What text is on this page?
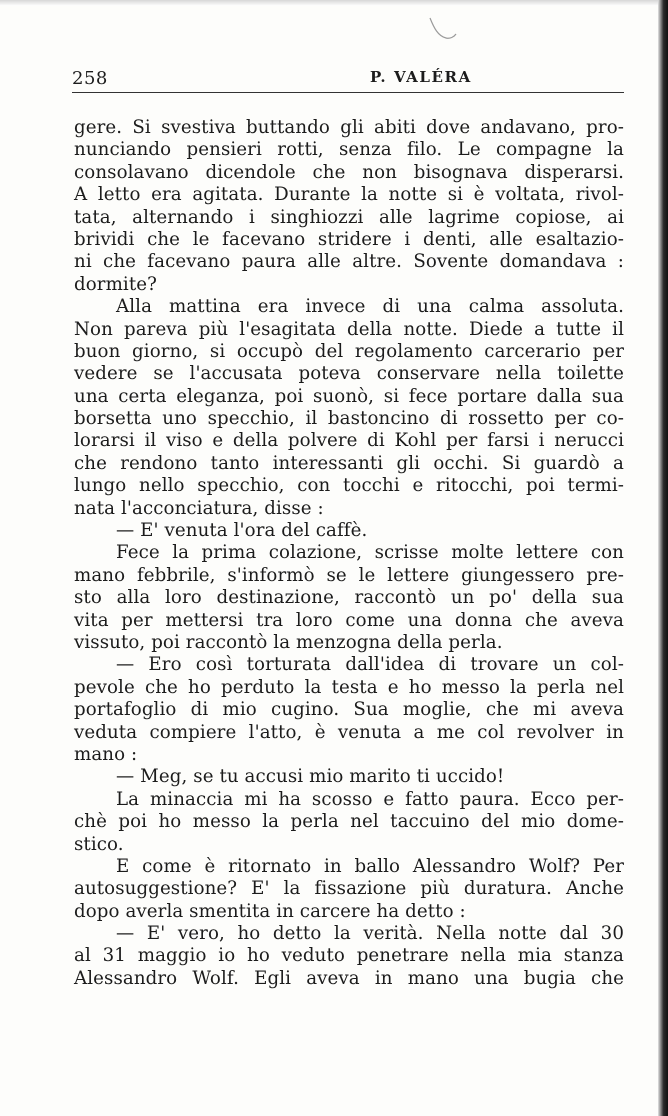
258	P. VALÉRA
gere. Si svestiva buttando gli abiti dove andavano, pro-
nunciando pensieri rotti, senza filo. Le compagne la
consolavano dicendole che non bisognava disperarsi.
A letto era agitata. Durante la notte si è voltata, rivol-
tata, alternando i singhiozzi alle lagrime copiose, ai
brividi che le facevano stridere i denti, alle esaltazio-
ni che facevano paura alle altre. Sovente domandava :
dormite?
Alla mattina era invece di una calma assoluta.
Non pareva più l'esagitata della notte. Diede a tutte il
buon giorno, si occupò del regolamento carcerario per
vedere se l'accusata poteva conservare nella toilette
una certa eleganza, poi suonò, si fece portare dalla sua
borsetta uno specchio, il bastoncino di rossetto per co-
lorarsi il viso e della polvere di Kohl per farsi i nerucci
che rendono tanto interessanti gli occhi. Si guardò a
lungo nello specchio, con tocchi e ritocchi, poi termi-
nata l'acconciatura, disse :
— E' venuta l'ora del caffè.
Fece la prima colazione, scrisse molte lettere con
mano febbrile, s'informò se le lettere giungessero pre-
sto alla loro destinazione, raccontò un po' della sua
vita per mettersi tra loro come una donna che aveva
vissuto, poi raccontò la menzogna della perla.
— Ero così torturata dall'idea di trovare un col-
pevole che ho perduto la testa e ho messo la perla nel
portafoglio di mio cugino. Sua moglie, che mi aveva
veduta compiere l'atto, è venuta a me col revolver in
mano :
— Meg, se tu accusi mio marito ti uccido!
La minaccia mi ha scosso e fatto paura. Ecco per-
chè poi ho messo la perla nel taccuino del mio dome-
stico.
E come è ritornato in ballo Alessandro Wolf? Per
autosuggestione? E' la fissazione più duratura. Anche
dopo averla smentita in carcere ha detto :
— E' vero, ho detto la verità. Nella notte dal 30
al 31 maggio io ho veduto penetrare nella mia stanza
Alessandro Wolf. Egli aveva in mano una bugia che
